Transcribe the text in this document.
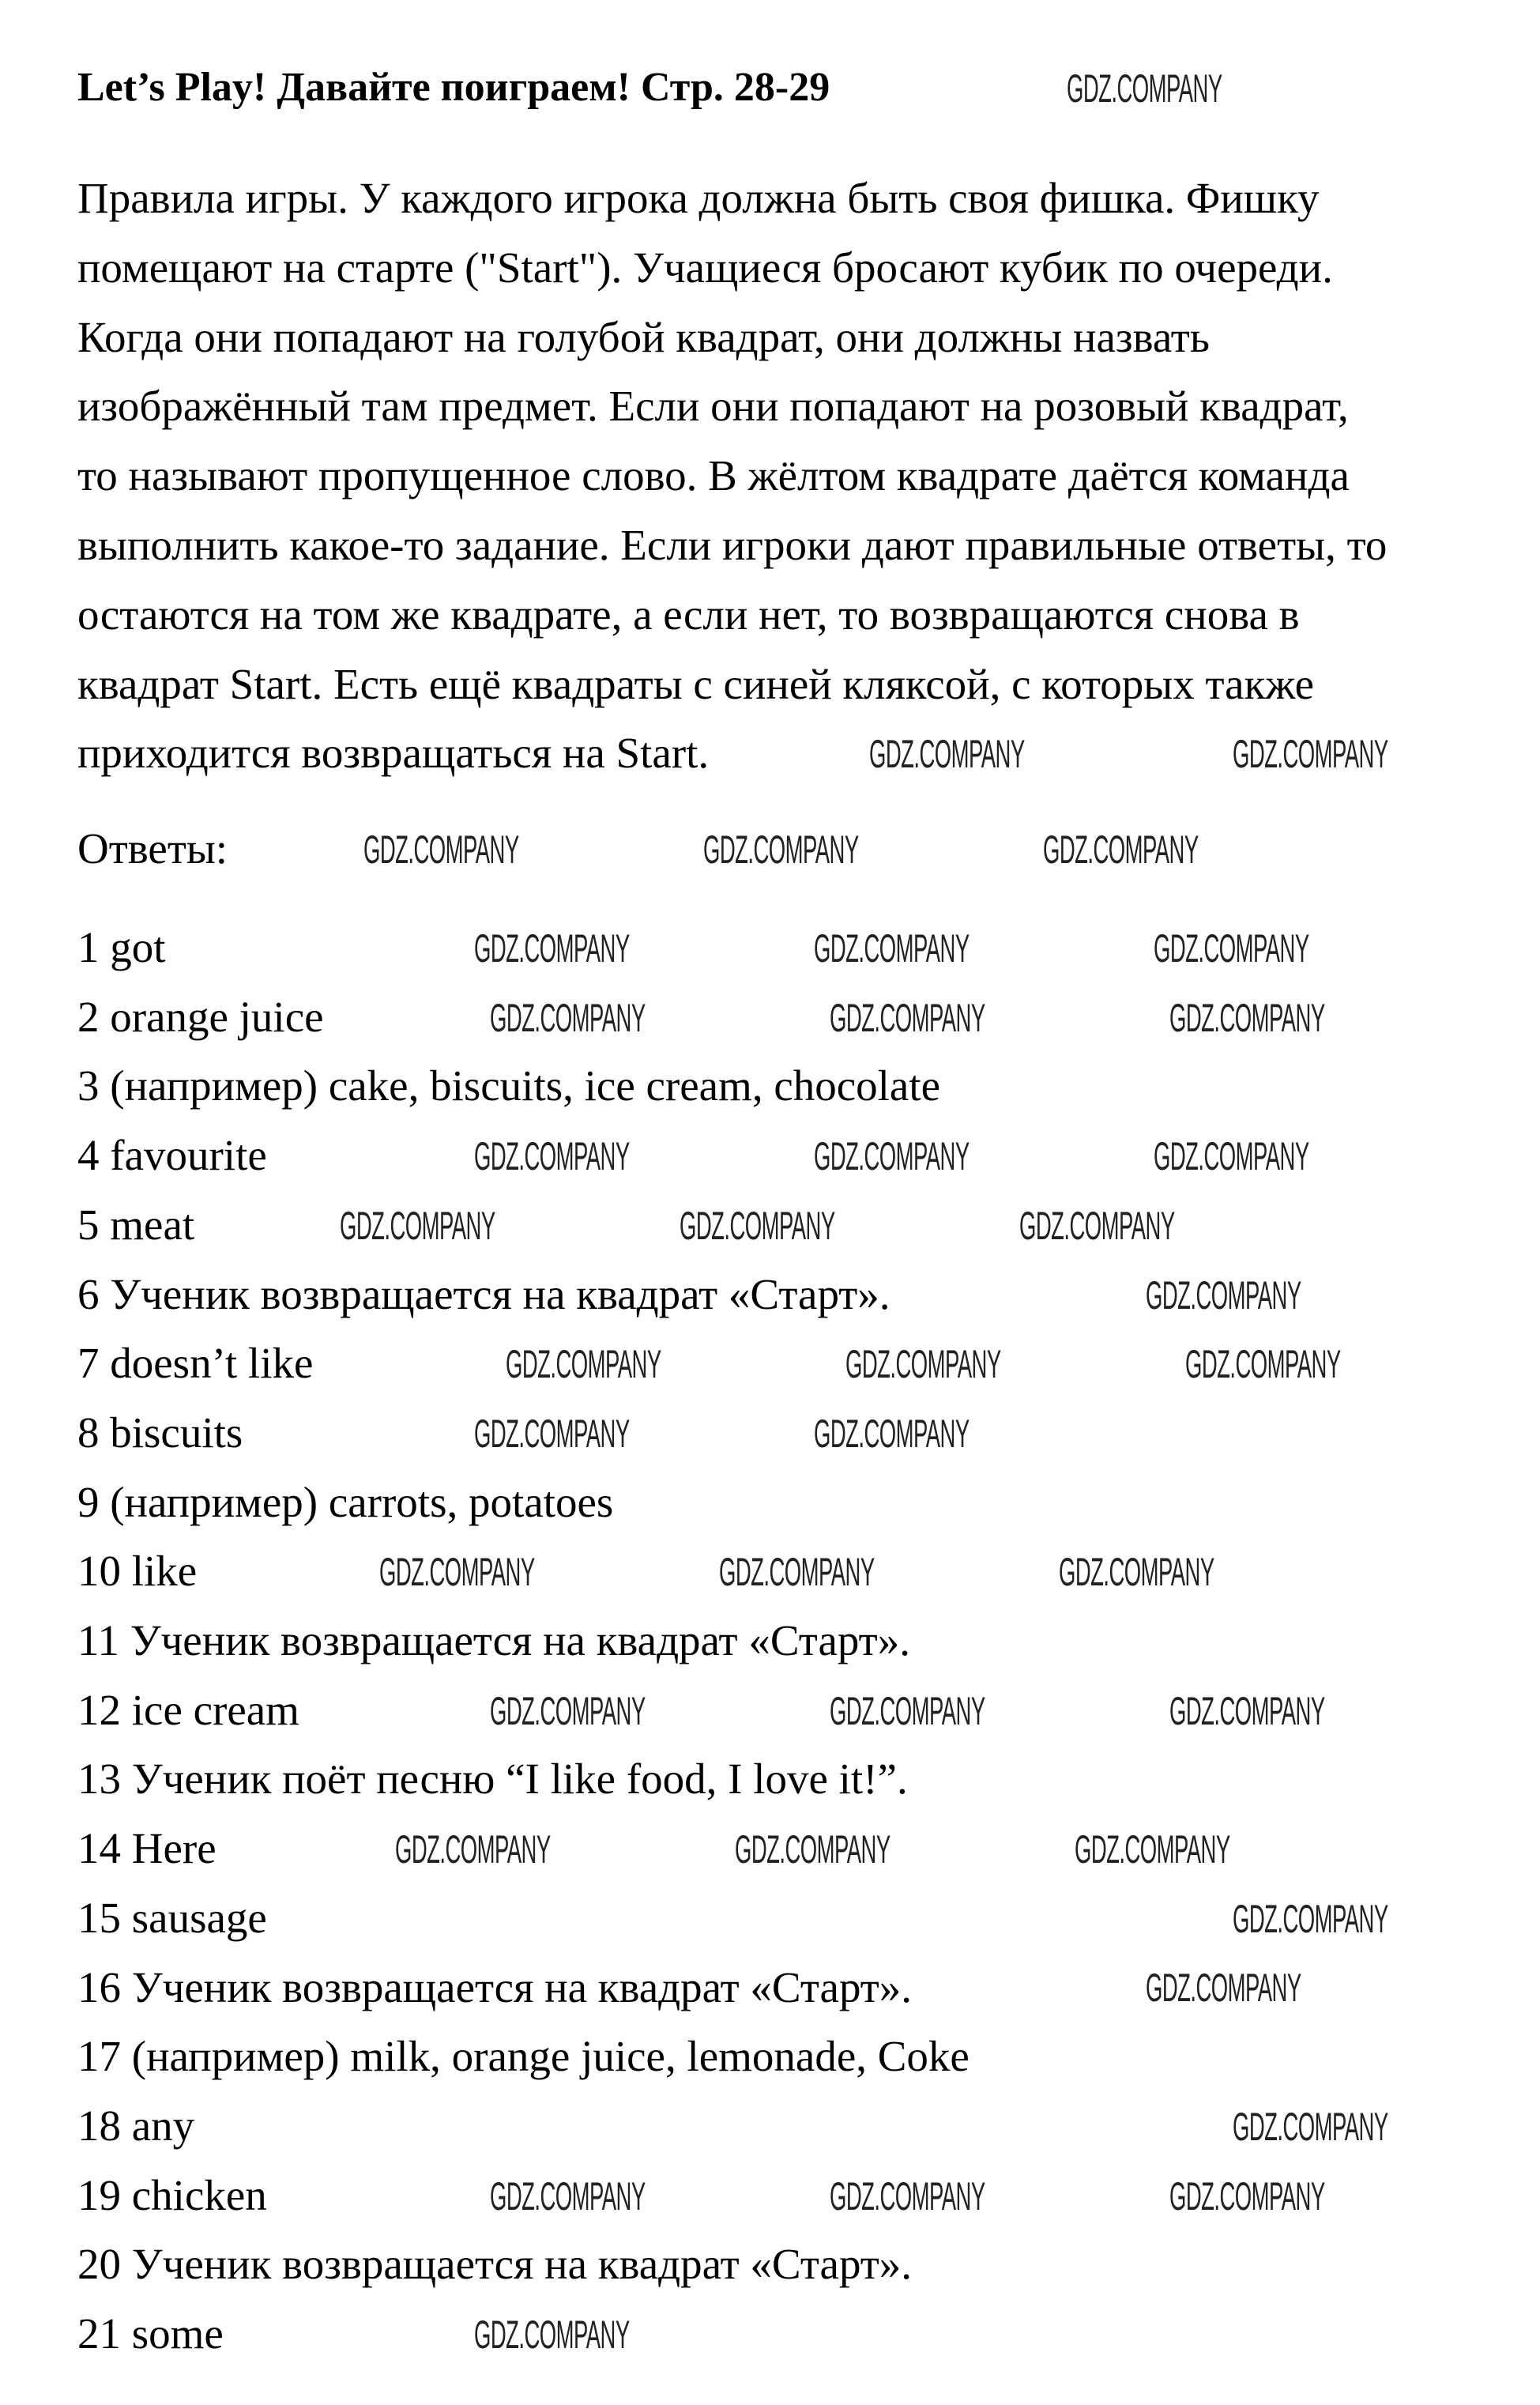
Let’s Play! Давайте поиграем! Стр. 28-29
Правила игры. У каждого игрока должна быть своя фишка. Фишку
помещают на старте ("Start"). Учащиеся бросают кубик по очереди.
Когда они попадают на голубой квадрат, они должны назвать
изображённый там предмет. Если они попадают на розовый квадрат,
то называют пропущенное слово. В жёлтом квадрате даётся команда
выполнить какое-то задание. Если игроки дают правильные ответы, то
остаются на том же квадрате, а если нет, то возвращаются снова в
квадрат Start. Есть ещё квадраты с синей кляксой, с которых также
приходится возвращаться на Start.
Ответы:
1 got
2 orange juice
3 (например) cake, biscuits, ice cream, chocolate
4 favourite
5 meat
6 Ученик возвращается на квадрат «Старт».
7 doesn’t like
8 biscuits
9 (например) carrots, potatoes
10 like
11 Ученик возвращается на квадрат «Старт».
12 ice cream
13 Ученик поёт песню “I like food, I love it!”.
14 Here
15 sausage
16 Ученик возвращается на квадрат «Старт».
17 (например) milk, orange juice, lemonade, Coke
18 any
19 chicken
20 Ученик возвращается на квадрат «Старт».
21 some
GDZ.COMPANY
GDZ.COMPANY	GDZ.COMPANY
GDZ.COMPANY	GDZ.COMPANY	GDZ.COMPANY
GDZ.COMPANY	GDZ.COMPANY	GDZ.COMPANY
GDZ.COMPANY	GDZ.COMPANY	GDZ.COMPANY
GDZ.COMPANY	GDZ.COMPANY	GDZ.COMPANY
GDZ.COMPANY	GDZ.COMPANY	GDZ.COMPANY
GDZ.COMPANY
GDZ.COMPANY	GDZ.COMPANY	GDZ.COMPANY
GDZ.COMPANY	GDZ.COMPANY
GDZ.COMPANY	GDZ.COMPANY	GDZ.COMPANY
GDZ.COMPANY	GDZ.COMPANY	GDZ.COMPANY
GDZ.COMPANY	GDZ.COMPANY	GDZ.COMPANY
GDZ.COMPANY
GDZ.COMPANY
GDZ.COMPANY
GDZ.COMPANY	GDZ.COMPANY	GDZ.COMPANY
GDZ.COMPANY
